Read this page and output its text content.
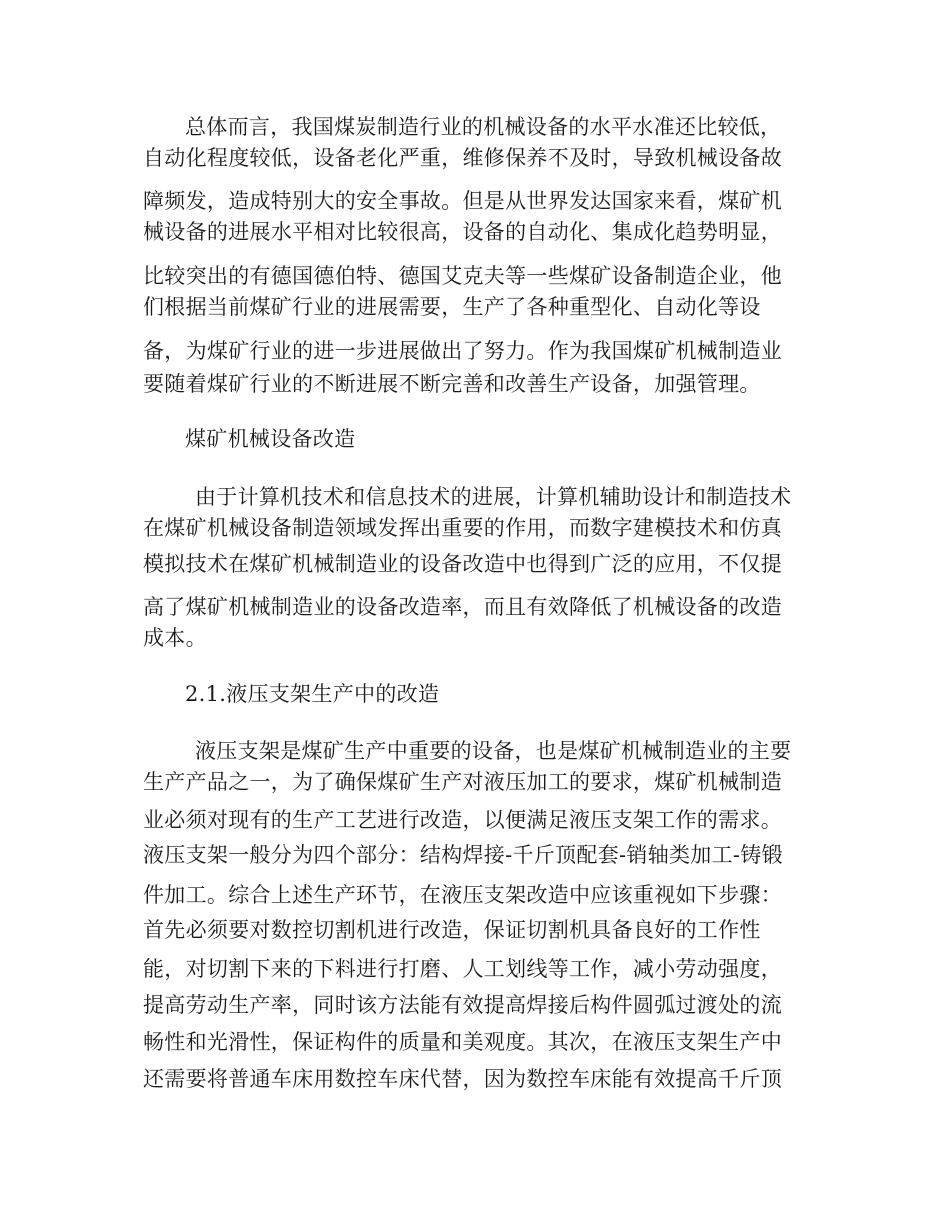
总体而言，我国煤炭制造行业的机械设备的水平水准还比较低，
自动化程度较低，设备老化严重，维修保养不及时，导致机械设备故
障频发，造成特别大的安全事故。但是从世界发达国家来看，煤矿机
械设备的进展水平相对比较很高，设备的自动化、集成化趋势明显，
比较突出的有德国德伯特、德国艾克夫等一些煤矿设备制造企业，他
们根据当前煤矿行业的进展需要，生产了各种重型化、自动化等设
备，为煤矿行业的进一步进展做出了努力。作为我国煤矿机械制造业
要随着煤矿行业的不断进展不断完善和改善生产设备，加强管理。
煤矿机械设备改造
由于计算机技术和信息技术的进展，计算机辅助设计和制造技术
在煤矿机械设备制造领域发挥出重要的作用，而数字建模技术和仿真
模拟技术在煤矿机械制造业的设备改造中也得到广泛的应用，不仅提
高了煤矿机械制造业的设备改造率，而且有效降低了机械设备的改造
成本。
2.1.液压支架生产中的改造
液压支架是煤矿生产中重要的设备，也是煤矿机械制造业的主要
生产产品之一，为了确保煤矿生产对液压加工的要求，煤矿机械制造
业必须对现有的生产工艺进行改造，以便满足液压支架工作的需求。
液压支架一般分为四个部分：结构焊接-千斤顶配套-销轴类加工-铸锻
件加工。综合上述生产环节，在液压支架改造中应该重视如下步骤：
首先必须要对数控切割机进行改造，保证切割机具备良好的工作性
能，对切割下来的下料进行打磨、人工划线等工作，减小劳动强度，
提高劳动生产率，同时该方法能有效提高焊接后构件圆弧过渡处的流
畅性和光滑性，保证构件的质量和美观度。其次，在液压支架生产中
还需要将普通车床用数控车床代替，因为数控车床能有效提高千斤顶
